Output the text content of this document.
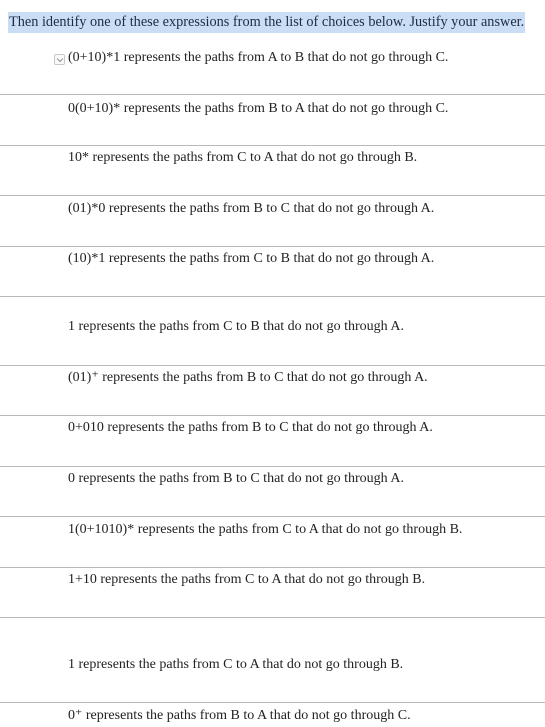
Then identify one of these expressions from the list of choices below. Justify your answer.
(0+10)*1 represents the paths from A to B that do not go through C.
0(0+10)* represents the paths from B to A that do not go through C.
10* represents the paths from C to A that do not go through B.
(01)*0 represents the paths from B to C that do not go through A.
(10)*1 represents the paths from C to B that do not go through A.
1 represents the paths from C to B that do not go through A.
(01)⁺ represents the paths from B to C that do not go through A.
0+010 represents the paths from B to C that do not go through A.
0 represents the paths from B to C that do not go through A.
1(0+1010)* represents the paths from C to A that do not go through B.
1+10 represents the paths from C to A that do not go through B.
1 represents the paths from C to A that do not go through B.
0⁺ represents the paths from B to A that do not go through C.
